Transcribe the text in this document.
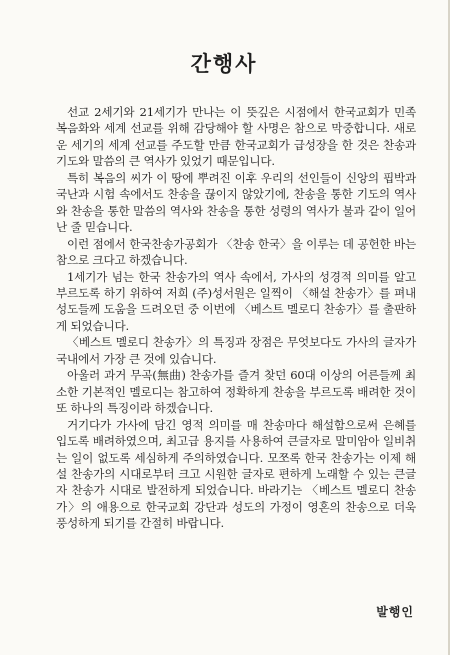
간행사

선교 2세기와 21세기가 만나는 이 뜻깊은 시점에서 한국교회가 민족 복음화와 세계 선교를 위해 감당해야 할 사명은 참으로 막중합니다. 새로운 세기의 세계 선교를 주도할 만큼 한국교회가 급성장을 한 것은 찬송과 기도와 말씀의 큰 역사가 있었기 때문입니다.

특히 복음의 씨가 이 땅에 뿌려진 이후 우리의 선인들이 신앙의 핍박과 국난과 시험 속에서도 찬송을 끊이지 않았기에, 찬송을 통한 기도의 역사와 찬송을 통한 말씀의 역사와 찬송을 통한 성령의 역사가 불과 같이 일어난 줄 믿습니다.

이런 점에서 한국찬송가공회가 〈찬송 한국〉을 이루는 데 공헌한 바는 참으로 크다고 하겠습니다.

1세기가 넘는 한국 찬송가의 역사 속에서, 가사의 성경적 의미를 알고 부르도록 하기 위하여 저희 (주)성서원은 일찍이 〈해설 찬송가〉를 펴내 성도들께 도움을 드려오던 중 이번에 〈베스트 멜로디 찬송가〉를 출판하게 되었습니다.

〈베스트 멜로디 찬송가〉의 특징과 장점은 무엇보다도 가사의 글자가 국내에서 가장 큰 것에 있습니다.

아울러 과거 무곡(無曲) 찬송가를 즐겨 찾던 60대 이상의 어른들께 최소한 기본적인 멜로디는 참고하여 정확하게 찬송을 부르도록 배려한 것이 또 하나의 특징이라 하겠습니다.

거기다가 가사에 담긴 영적 의미를 매 찬송마다 해설함으로써 은혜를 입도록 배려하였으며, 최고급 용지를 사용하여 큰글자로 말미암아 일비취는 일이 없도록 세심하게 주의하였습니다. 모쪼록 한국 찬송가는 이제 해설 찬송가의 시대로부터 크고 시원한 글자로 편하게 노래할 수 있는 큰글자 찬송가 시대로 발전하게 되었습니다. 바라기는 〈베스트 멜로디 찬송가〉의 애용으로 한국교회 강단과 성도의 가정이 영혼의 찬송으로 더욱 풍성하게 되기를 간절히 바랍니다.

발행인
